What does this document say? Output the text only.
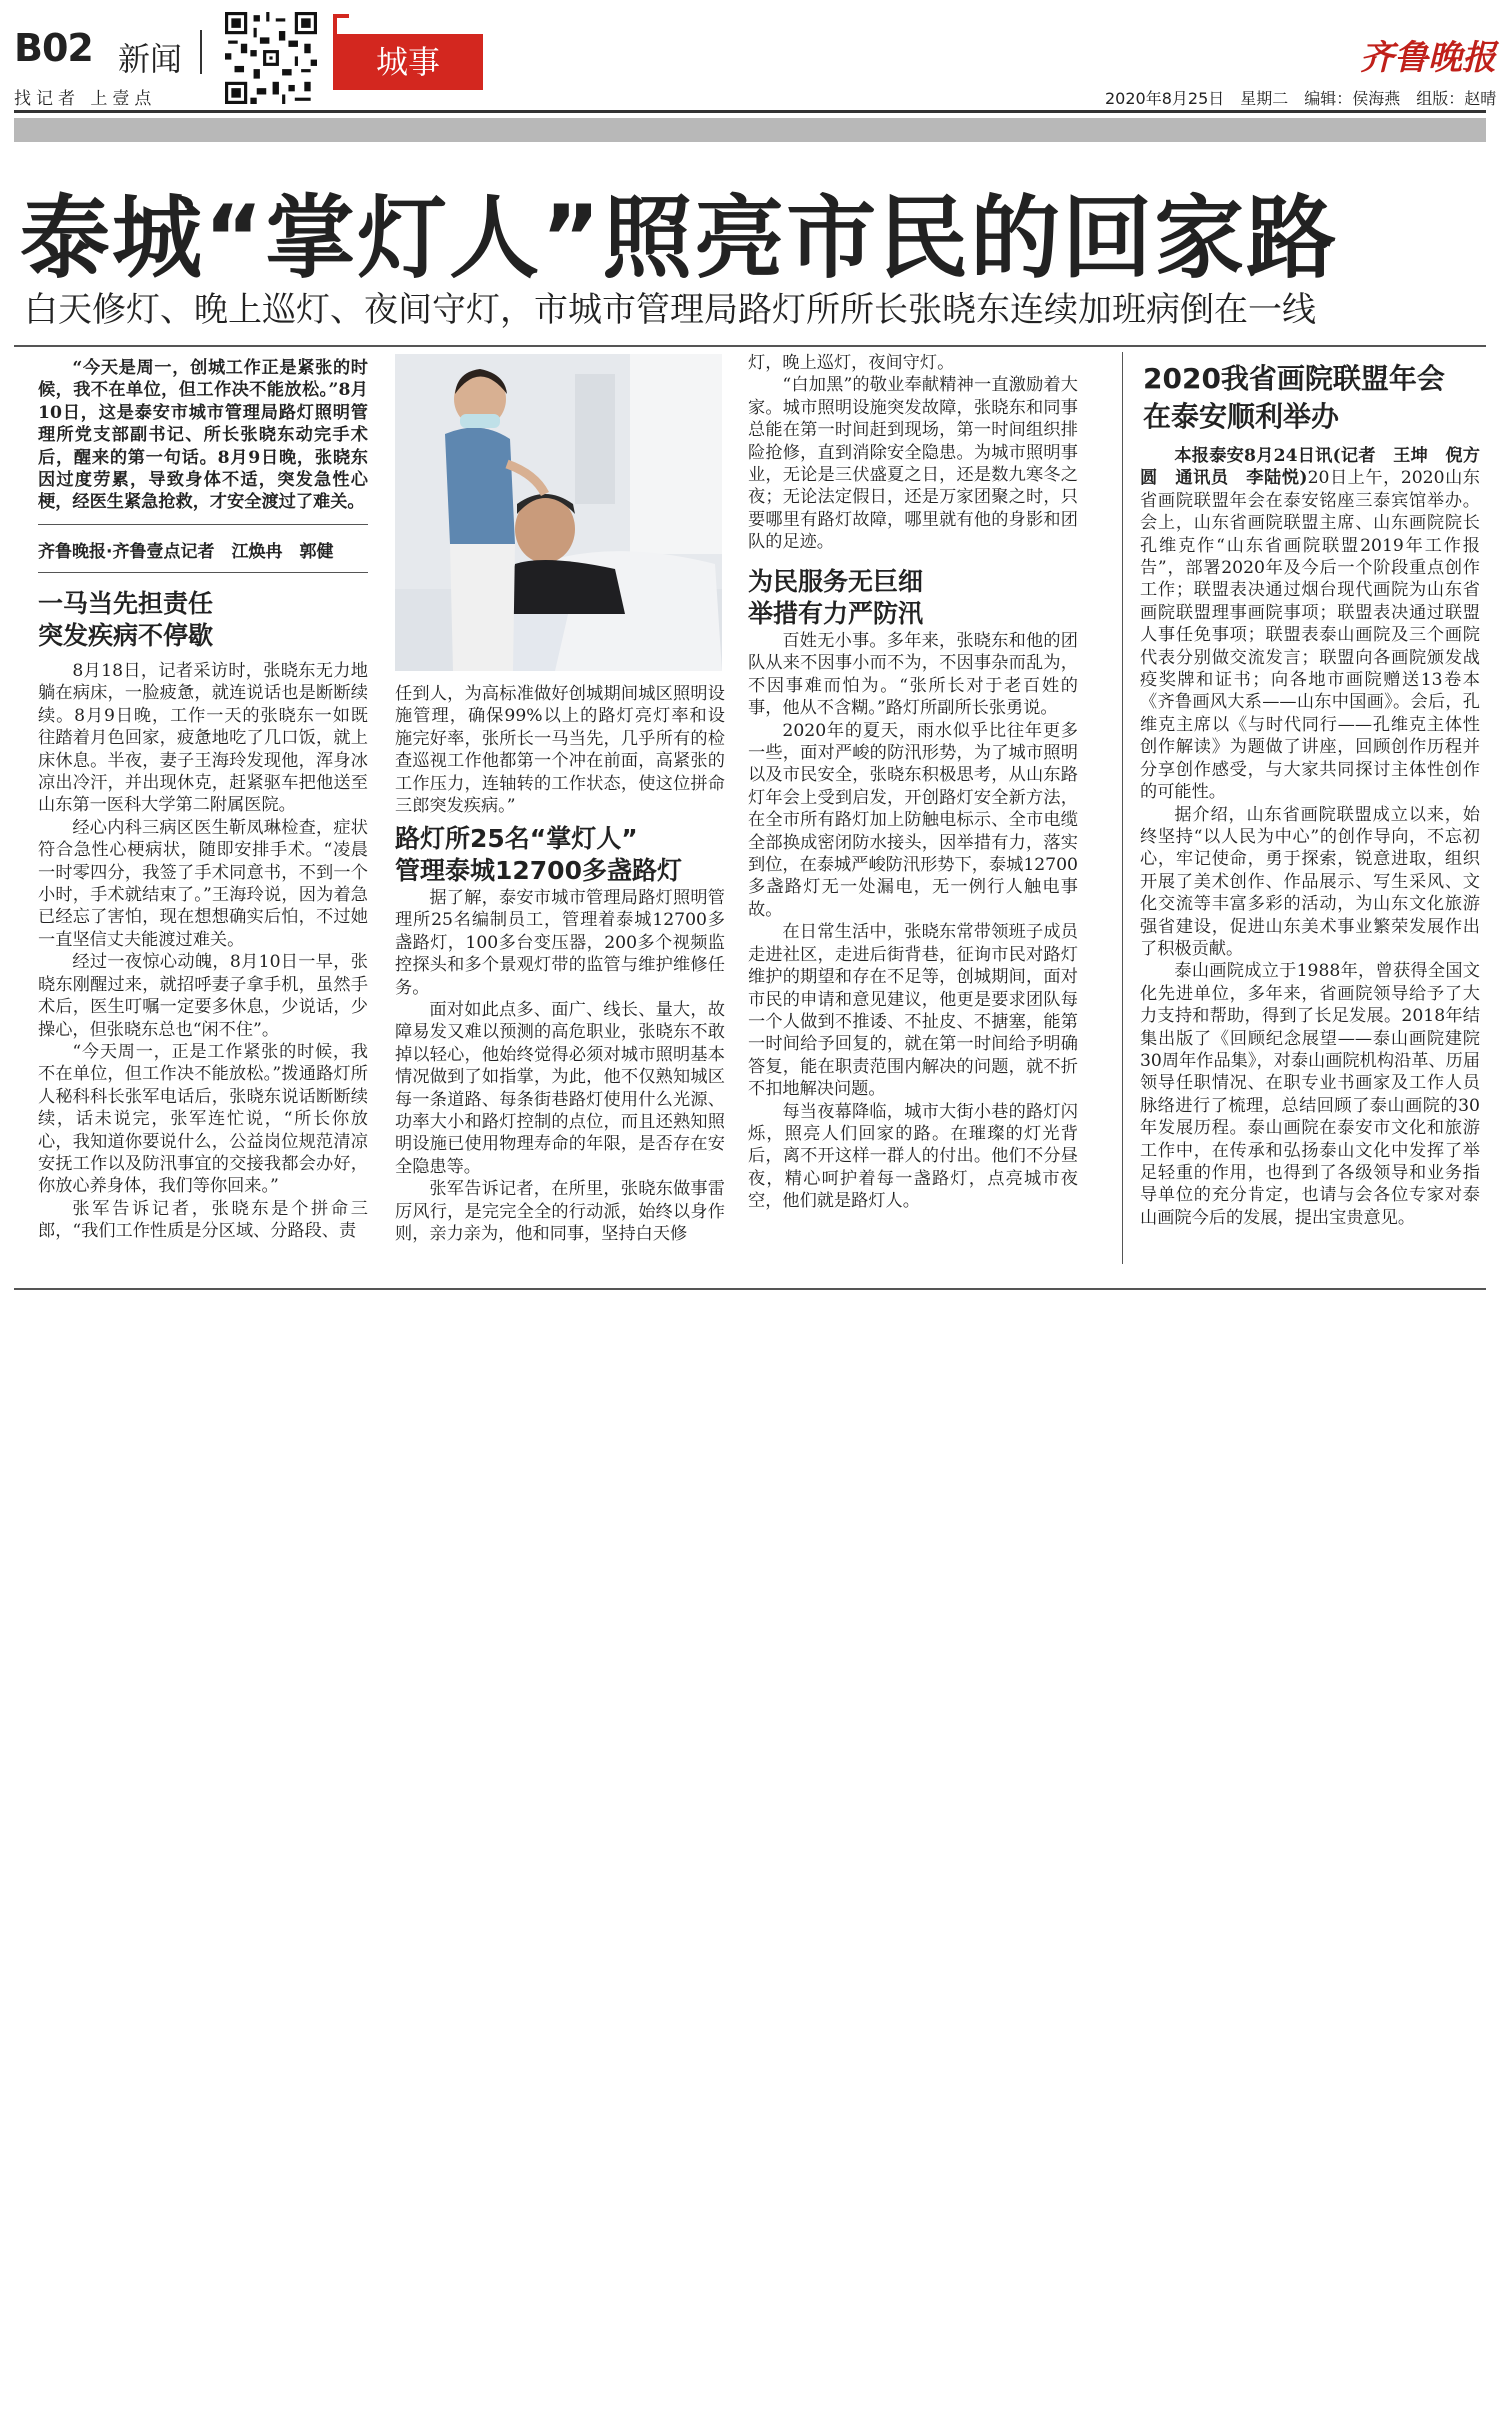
B02 新闻	城事
找记者 上壹点
齐鲁晚报
2020年8月25日　星期二　编辑：侯海燕　组版：赵晴
泰城“掌灯人”照亮市民的回家路
白天修灯、晚上巡灯、夜间守灯，市城市管理局路灯所所长张晓东连续加班病倒在一线

“今天是周一，创城工作正是紧张的时候，我不在单位，但工作决不能放松。”8月10日，这是泰安市城市管理局路灯照明管理所党支部副书记、所长张晓东动完手术后，醒来的第一句话。8月9日晚，张晓东因过度劳累，导致身体不适，突发急性心梗，经医生紧急抢救，才安全渡过了难关。

齐鲁晚报·齐鲁壹点记者　江焕冉　郭健
一马当先担责任
突发疾病不停歇

8月18日，记者采访时，张晓东无力地躺在病床，一脸疲惫，就连说话也是断断续续。8月9日晚，工作一天的张晓东一如既往踏着月色回家，疲惫地吃了几口饭，就上床休息。半夜，妻子王海玲发现他，浑身冰凉出冷汗，并出现休克，赶紧驱车把他送至山东第一医科大学第二附属医院。

经心内科三病区医生靳凤琳检查，症状符合急性心梗病状，随即安排手术。“凌晨一时零四分，我签了手术同意书，不到一个小时，手术就结束了。”王海玲说，因为着急已经忘了害怕，现在想想确实后怕，不过她一直坚信丈夫能渡过难关。

经过一夜惊心动魄，8月10日一早，张晓东刚醒过来，就招呼妻子拿手机，虽然手术后，医生叮嘱一定要多休息，少说话，少操心，但张晓东总也“闲不住”。

“今天周一，正是工作紧张的时候，我不在单位，但工作决不能放松。”拨通路灯所人秘科科长张军电话后，张晓东说话断断续续，话未说完，张军连忙说，“所长你放心，我知道你要说什么，公益岗位规范清凉安抚工作以及防汛事宜的交接我都会办好，你放心养身体，我们等你回来。”

张军告诉记者，张晓东是个拼命三郎，“我们工作性质是分区域、分路段、责

任到人，为高标准做好创城期间城区照明设施管理，确保99%以上的路灯亮灯率和设施完好率，张所长一马当先，几乎所有的检查巡视工作他都第一个冲在前面，高紧张的工作压力，连轴转的工作状态，使这位拼命三郎突发疾病。”

路灯所25名“掌灯人”
管理泰城12700多盏路灯

据了解，泰安市城市管理局路灯照明管理所25名编制员工，管理着泰城12700多盏路灯，100多台变压器，200多个视频监控探头和多个景观灯带的监管与维护维修任务。

面对如此点多、面广、线长、量大，故障易发又难以预测的高危职业，张晓东不敢掉以轻心，他始终觉得必须对城市照明基本情况做到了如指掌，为此，他不仅熟知城区每一条道路、每条街巷路灯使用什么光源、功率大小和路灯控制的点位，而且还熟知照明设施已使用物理寿命的年限，是否存在安全隐患等。

张军告诉记者，在所里，张晓东做事雷厉风行，是完完全全的行动派，始终以身作则，亲力亲为，他和同事，坚持白天修

灯，晚上巡灯，夜间守灯。

“白加黑”的敬业奉献精神一直激励着大家。城市照明设施突发故障，张晓东和同事总能在第一时间赶到现场，第一时间组织排险抢修，直到消除安全隐患。为城市照明事业，无论是三伏盛夏之日，还是数九寒冬之夜；无论法定假日，还是万家团聚之时，只要哪里有路灯故障，哪里就有他的身影和团队的足迹。

为民服务无巨细
举措有力严防汛

百姓无小事。多年来，张晓东和他的团队从来不因事小而不为，不因事杂而乱为，不因事难而怕为。“张所长对于老百姓的事，他从不含糊。”路灯所副所长张勇说。

2020年的夏天，雨水似乎比往年更多一些，面对严峻的防汛形势，为了城市照明以及市民安全，张晓东积极思考，从山东路灯年会上受到启发，开创路灯安全新方法，在全市所有路灯加上防触电标示、全市电缆全部换成密闭防水接头，因举措有力，落实到位，在泰城严峻防汛形势下，泰城12700多盏路灯无一处漏电，无一例行人触电事故。

在日常生活中，张晓东常带领班子成员走进社区，走进后街背巷，征询市民对路灯维护的期望和存在不足等，创城期间，面对市民的申请和意见建议，他更是要求团队每一个人做到不推诿、不扯皮、不搪塞，能第一时间给予回复的，就在第一时间给予明确答复，能在职责范围内解决的问题，就不折不扣地解决问题。

每当夜幕降临，城市大街小巷的路灯闪烁，照亮人们回家的路。在璀璨的灯光背后，离不开这样一群人的付出。他们不分昼夜，精心呵护着每一盏路灯，点亮城市夜空，他们就是路灯人。

2020我省画院联盟年会
在泰安顺利举办

本报泰安8月24日讯(记者　王坤　倪方圆　通讯员　李陆悦)20日上午，2020山东省画院联盟年会在泰安铭座三泰宾馆举办。会上，山东省画院联盟主席、山东画院院长孔维克作“山东省画院联盟2019年工作报告”，部署2020年及今后一个阶段重点创作工作；联盟表决通过烟台现代画院为山东省画院联盟理事画院事项；联盟表决通过联盟人事任免事项；联盟表泰山画院及三个画院代表分别做交流发言；联盟向各画院颁发战疫奖牌和证书；向各地市画院赠送13卷本《齐鲁画风大系——山东中国画》。会后，孔维克主席以《与时代同行——孔维克主体性创作解读》为题做了讲座，回顾创作历程并分享创作感受，与大家共同探讨主体性创作的可能性。

据介绍，山东省画院联盟成立以来，始终坚持“以人民为中心”的创作导向，不忘初心，牢记使命，勇于探索，锐意进取，组织开展了美术创作、作品展示、写生采风、文化交流等丰富多彩的活动，为山东文化旅游强省建设，促进山东美术事业繁荣发展作出了积极贡献。

泰山画院成立于1988年，曾获得全国文化先进单位，多年来，省画院领导给予了大力支持和帮助，得到了长足发展。2018年结集出版了《回顾纪念展望——泰山画院建院30周年作品集》，对泰山画院机构沿革、历届领导任职情况、在职专业书画家及工作人员脉络进行了梳理，总结回顾了泰山画院的30年发展历程。泰山画院在泰安市文化和旅游工作中，在传承和弘扬泰山文化中发挥了举足轻重的作用，也得到了各级领导和业务指导单位的充分肯定，也请与会各位专家对泰山画院今后的发展，提出宝贵意见。
